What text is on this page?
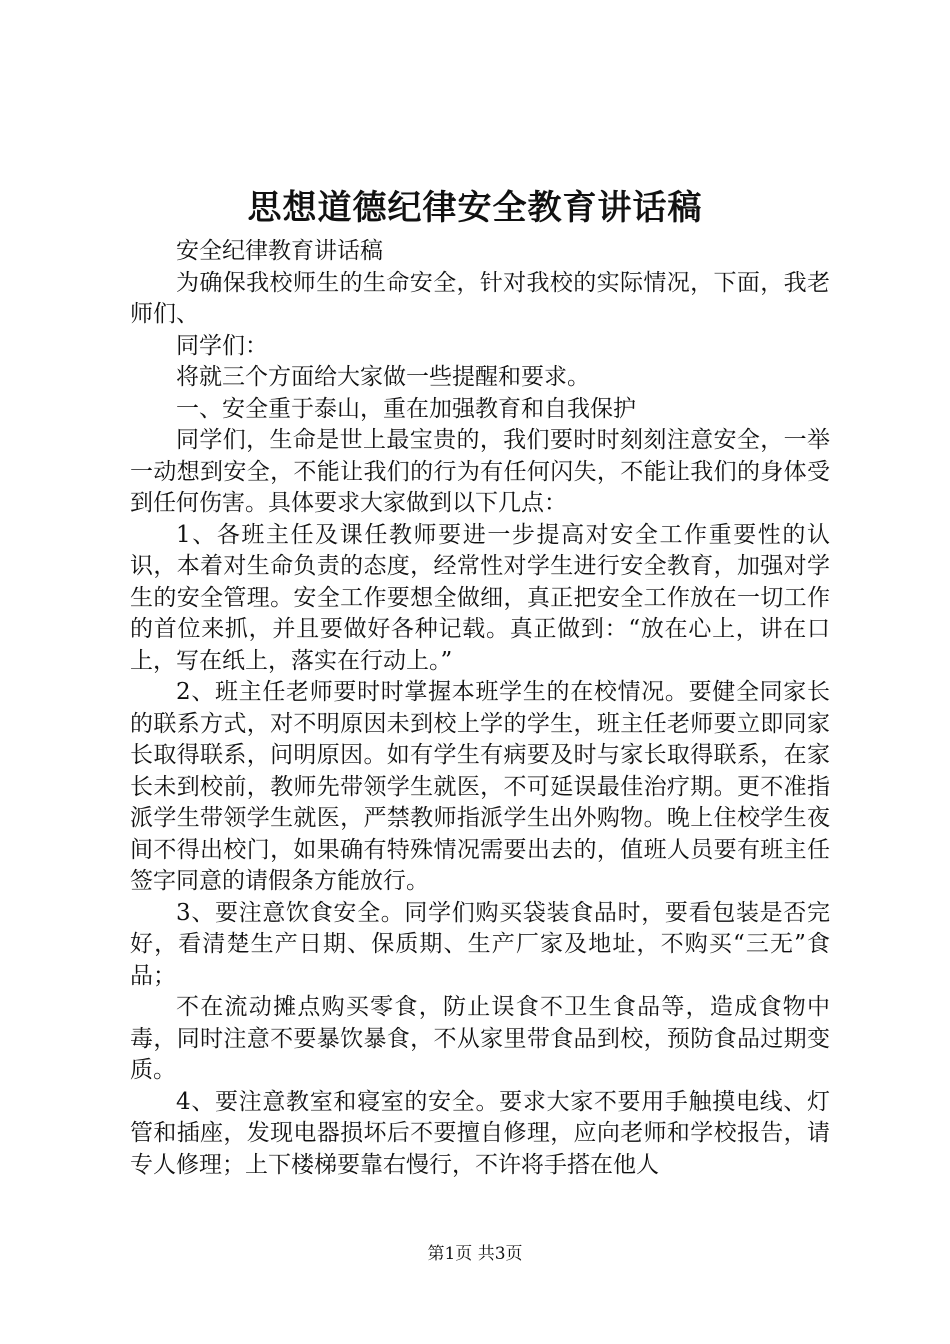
思想道德纪律安全教育讲话稿

安全纪律教育讲话稿

为确保我校师生的生命安全，针对我校的实际情况，下面，我老师们、

同学们：

将就三个方面给大家做一些提醒和要求。

一、安全重于泰山，重在加强教育和自我保护

同学们，生命是世上最宝贵的，我们要时时刻刻注意安全，一举一动想到安全，不能让我们的行为有任何闪失，不能让我们的身体受到任何伤害。具体要求大家做到以下几点：

1、各班主任及课任教师要进一步提高对安全工作重要性的认识，本着对生命负责的态度，经常性对学生进行安全教育，加强对学生的安全管理。安全工作要想全做细，真正把安全工作放在一切工作的首位来抓，并且要做好各种记载。真正做到：“放在心上，讲在口上，写在纸上，落实在行动上。”

2、班主任老师要时时掌握本班学生的在校情况。要健全同家长的联系方式，对不明原因未到校上学的学生，班主任老师要立即同家长取得联系，问明原因。如有学生有病要及时与家长取得联系，在家长未到校前，教师先带领学生就医，不可延误最佳治疗期。更不准指派学生带领学生就医，严禁教师指派学生出外购物。晚上住校学生夜间不得出校门，如果确有特殊情况需要出去的，值班人员要有班主任签字同意的请假条方能放行。

3、要注意饮食安全。同学们购买袋装食品时，要看包装是否完好，看清楚生产日期、保质期、生产厂家及地址，不购买“三无”食品；

不在流动摊点购买零食，防止误食不卫生食品等，造成食物中毒，同时注意不要暴饮暴食，不从家里带食品到校，预防食品过期变质。

4、要注意教室和寝室的安全。要求大家不要用手触摸电线、灯管和插座，发现电器损坏后不要擅自修理，应向老师和学校报告，请专人修理；上下楼梯要靠右慢行，不许将手搭在他人

第1页 共3页
